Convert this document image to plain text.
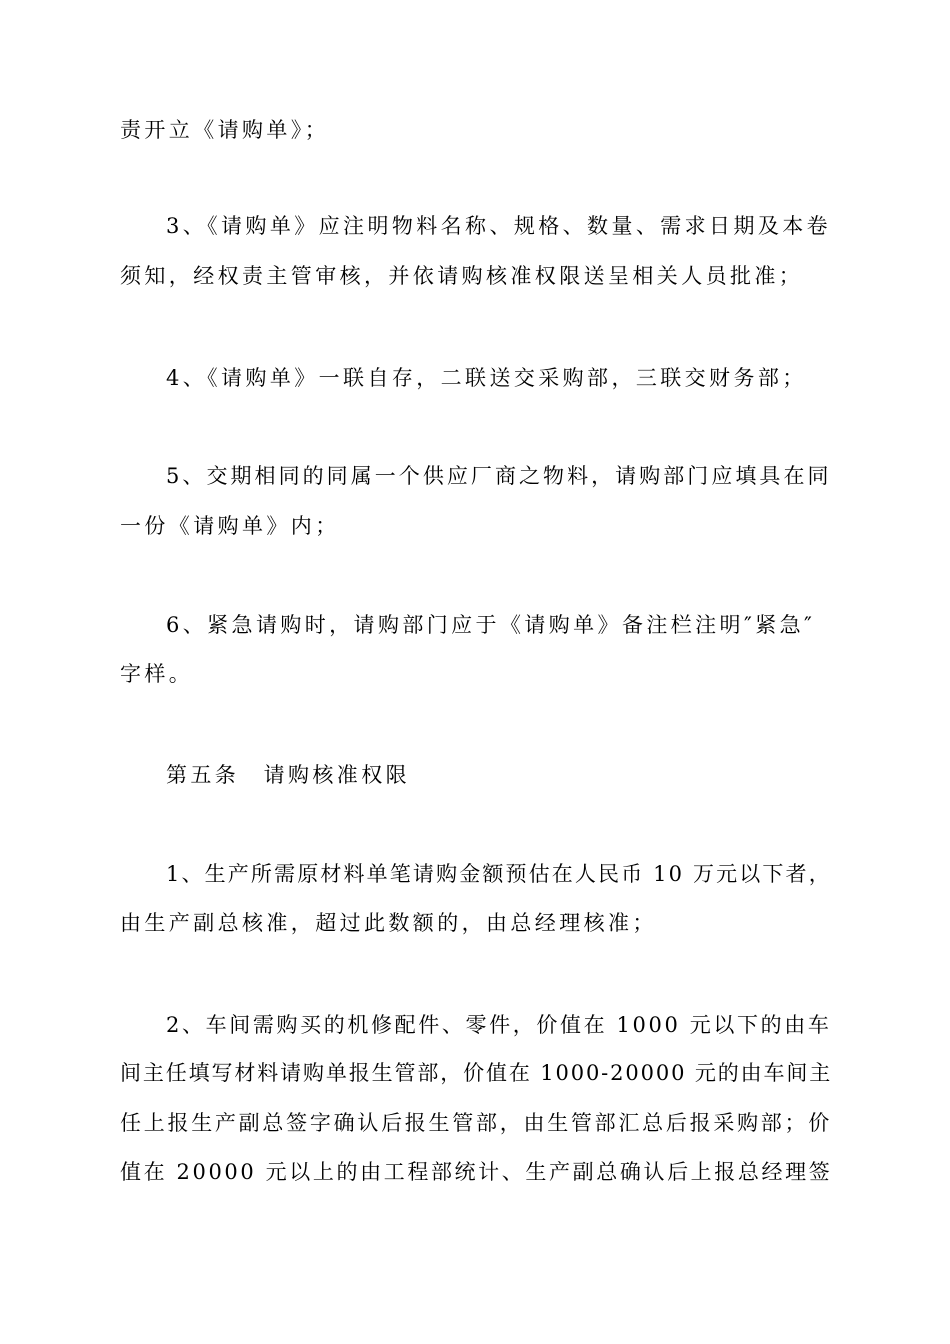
责开立《请购单》；
3、《请购单》应注明物料名称、规格、数量、需求日期及本卷
须知，经权责主管审核，并依请购核准权限送呈相关人员批准；
4、《请购单》一联自存，二联送交采购部，三联交财务部；
5、交期相同的同属一个供应厂商之物料，请购部门应填具在同
一份《请购单》内；
6、紧急请购时，请购部门应于《请购单》备注栏注明″紧急″
字样。
第五条　请购核准权限
1、生产所需原材料单笔请购金额预估在人民币 10 万元以下者，
由生产副总核准，超过此数额的，由总经理核准；
2、车间需购买的机修配件、零件，价值在 1000 元以下的由车
间主任填写材料请购单报生管部，价值在 1000-20000 元的由车间主
任上报生产副总签字确认后报生管部，由生管部汇总后报采购部；价
值在 20000 元以上的由工程部统计、生产副总确认后上报总经理签
